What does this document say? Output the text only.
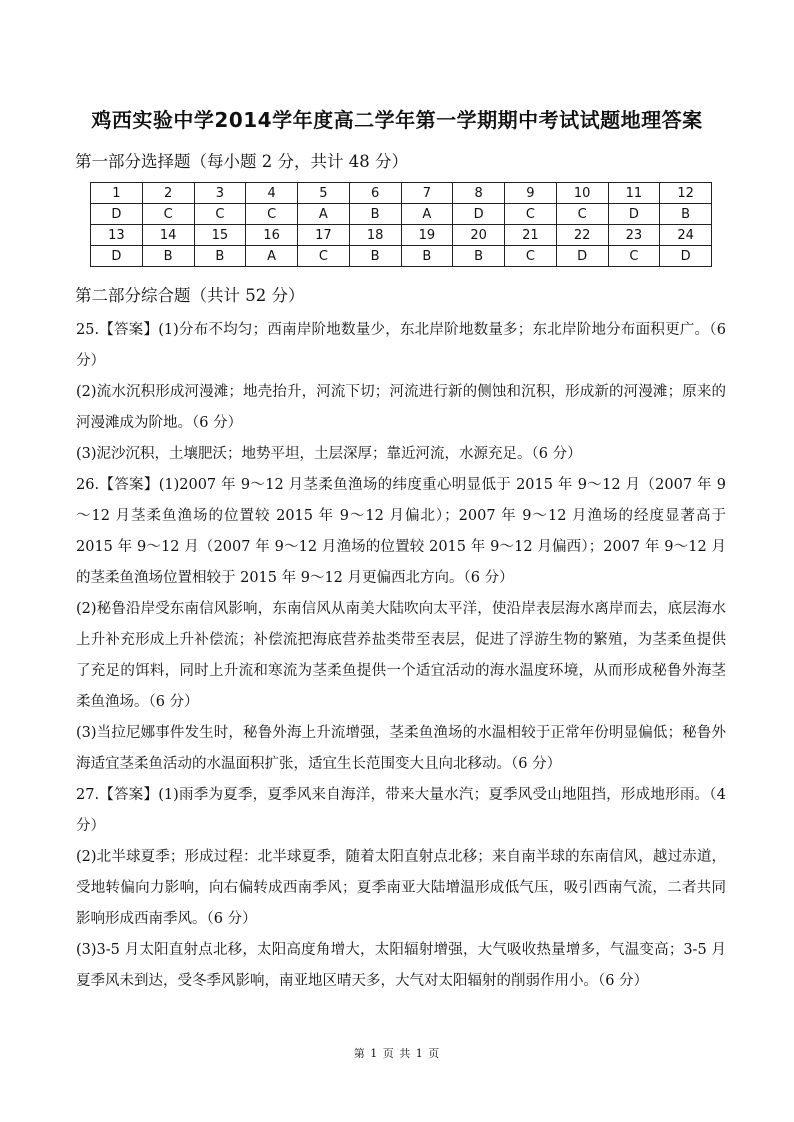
鸡西实验中学2014学年度高二学年第一学期期中考试试题地理答案
第一部分选择题（每小题 2 分，共计 48 分）
1	2	3	4	5	6	7	8	9	10	11	12
D	C	C	C	A	B	A	D	C	C	D	B
13	14	15	16	17	18	19	20	21	22	23	24
D	B	B	A	C	B	B	B	C	D	C	D
第二部分综合题（共计 52 分）
25.【答案】(1)分布不均匀；西南岸阶地数量少，东北岸阶地数量多；东北岸阶地分布面积更广。（6 分）
(2)流水沉积形成河漫滩；地壳抬升，河流下切；河流进行新的侧蚀和沉积，形成新的河漫滩；原来的河漫滩成为阶地。（6 分）
(3)泥沙沉积，土壤肥沃；地势平坦，土层深厚；靠近河流，水源充足。（6 分）
26.【答案】(1)2007 年 9～12 月茎柔鱼渔场的纬度重心明显低于 2015 年 9～12 月（2007 年 9～12 月茎柔鱼渔场的位置较 2015 年 9～12 月偏北）；2007 年 9～12 月渔场的经度显著高于 2015 年 9～12 月（2007 年 9～12 月渔场的位置较 2015 年 9～12 月偏西）；2007 年 9～12 月的茎柔鱼渔场位置相较于 2015 年 9～12 月更偏西北方向。（6 分）
(2)秘鲁沿岸受东南信风影响，东南信风从南美大陆吹向太平洋，使沿岸表层海水离岸而去，底层海水上升补充形成上升补偿流；补偿流把海底营养盐类带至表层，促进了浮游生物的繁殖，为茎柔鱼提供了充足的饵料，同时上升流和寒流为茎柔鱼提供一个适宜活动的海水温度环境，从而形成秘鲁外海茎柔鱼渔场。（6 分）
(3)当拉尼娜事件发生时，秘鲁外海上升流增强，茎柔鱼渔场的水温相较于正常年份明显偏低；秘鲁外海适宜茎柔鱼活动的水温面积扩张，适宜生长范围变大且向北移动。（6 分）
27.【答案】(1)雨季为夏季，夏季风来自海洋，带来大量水汽；夏季风受山地阻挡，形成地形雨。（4 分）
(2)北半球夏季；形成过程：北半球夏季，随着太阳直射点北移；来自南半球的东南信风，越过赤道，受地转偏向力影响，向右偏转成西南季风；夏季南亚大陆增温形成低气压，吸引西南气流，二者共同影响形成西南季风。（6 分）
(3)3-5 月太阳直射点北移，太阳高度角增大，太阳辐射增强，大气吸收热量增多，气温变高；3-5 月夏季风未到达，受冬季风影响，南亚地区晴天多，大气对太阳辐射的削弱作用小。（6 分）
第 1 页 共 1 页
